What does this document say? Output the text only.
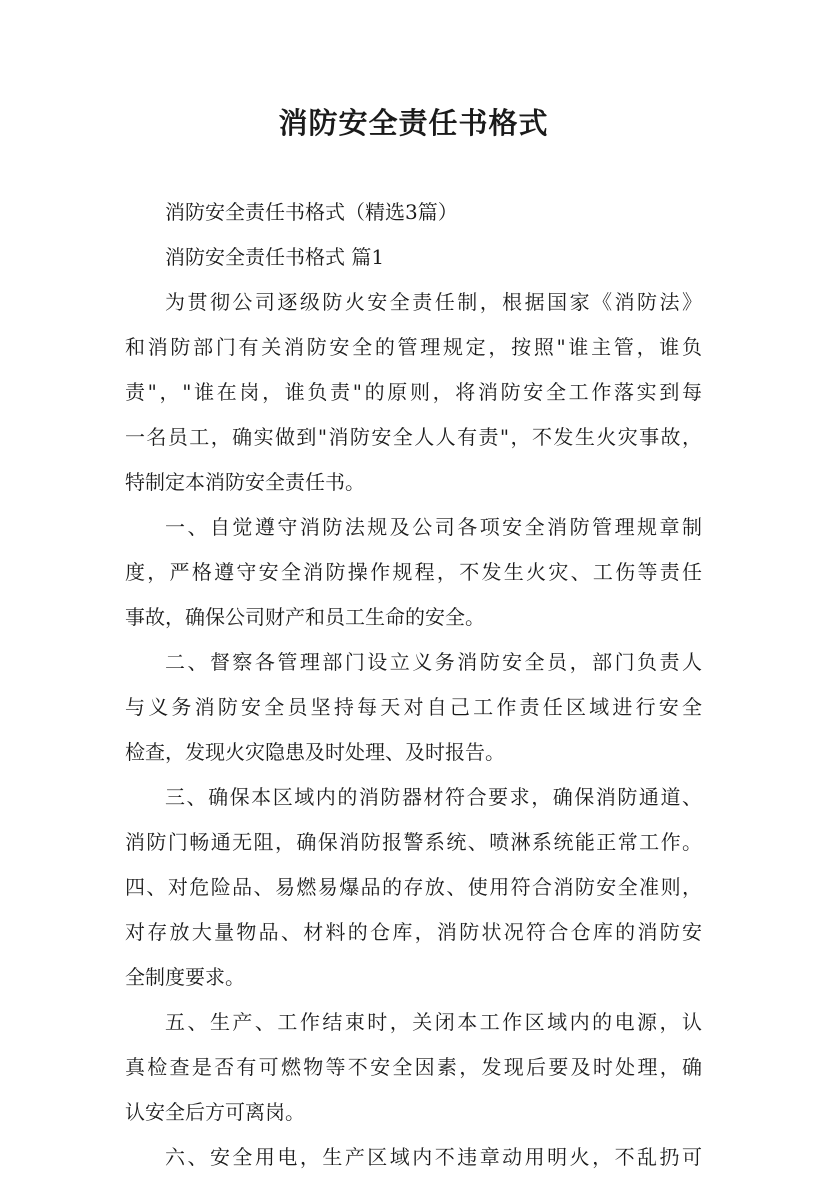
消防安全责任书格式

消防安全责任书格式（精选3篇）

消防安全责任书格式 篇1

为贯彻公司逐级防火安全责任制，根据国家《消防法》
和消防部门有关消防安全的管理规定，按照"谁主管，谁负
责"，"谁在岗，谁负责"的原则，将消防安全工作落实到每
一名员工，确实做到"消防安全人人有责"，不发生火灾事故，
特制定本消防安全责任书。
一、自觉遵守消防法规及公司各项安全消防管理规章制
度，严格遵守安全消防操作规程，不发生火灾、工伤等责任
事故，确保公司财产和员工生命的安全。
二、督察各管理部门设立义务消防安全员，部门负责人
与义务消防安全员坚持每天对自己工作责任区域进行安全
检查，发现火灾隐患及时处理、及时报告。
三、确保本区域内的消防器材符合要求，确保消防通道、
消防门畅通无阻，确保消防报警系统、喷淋系统能正常工作。
四、对危险品、易燃易爆品的存放、使用符合消防安全准则，
对存放大量物品、材料的仓库，消防状况符合仓库的消防安
全制度要求。
五、生产、工作结束时，关闭本工作区域内的电源，认
真检查是否有可燃物等不安全因素，发现后要及时处理，确
认安全后方可离岗。
六、安全用电，生产区域内不违章动用明火，不乱扔可
